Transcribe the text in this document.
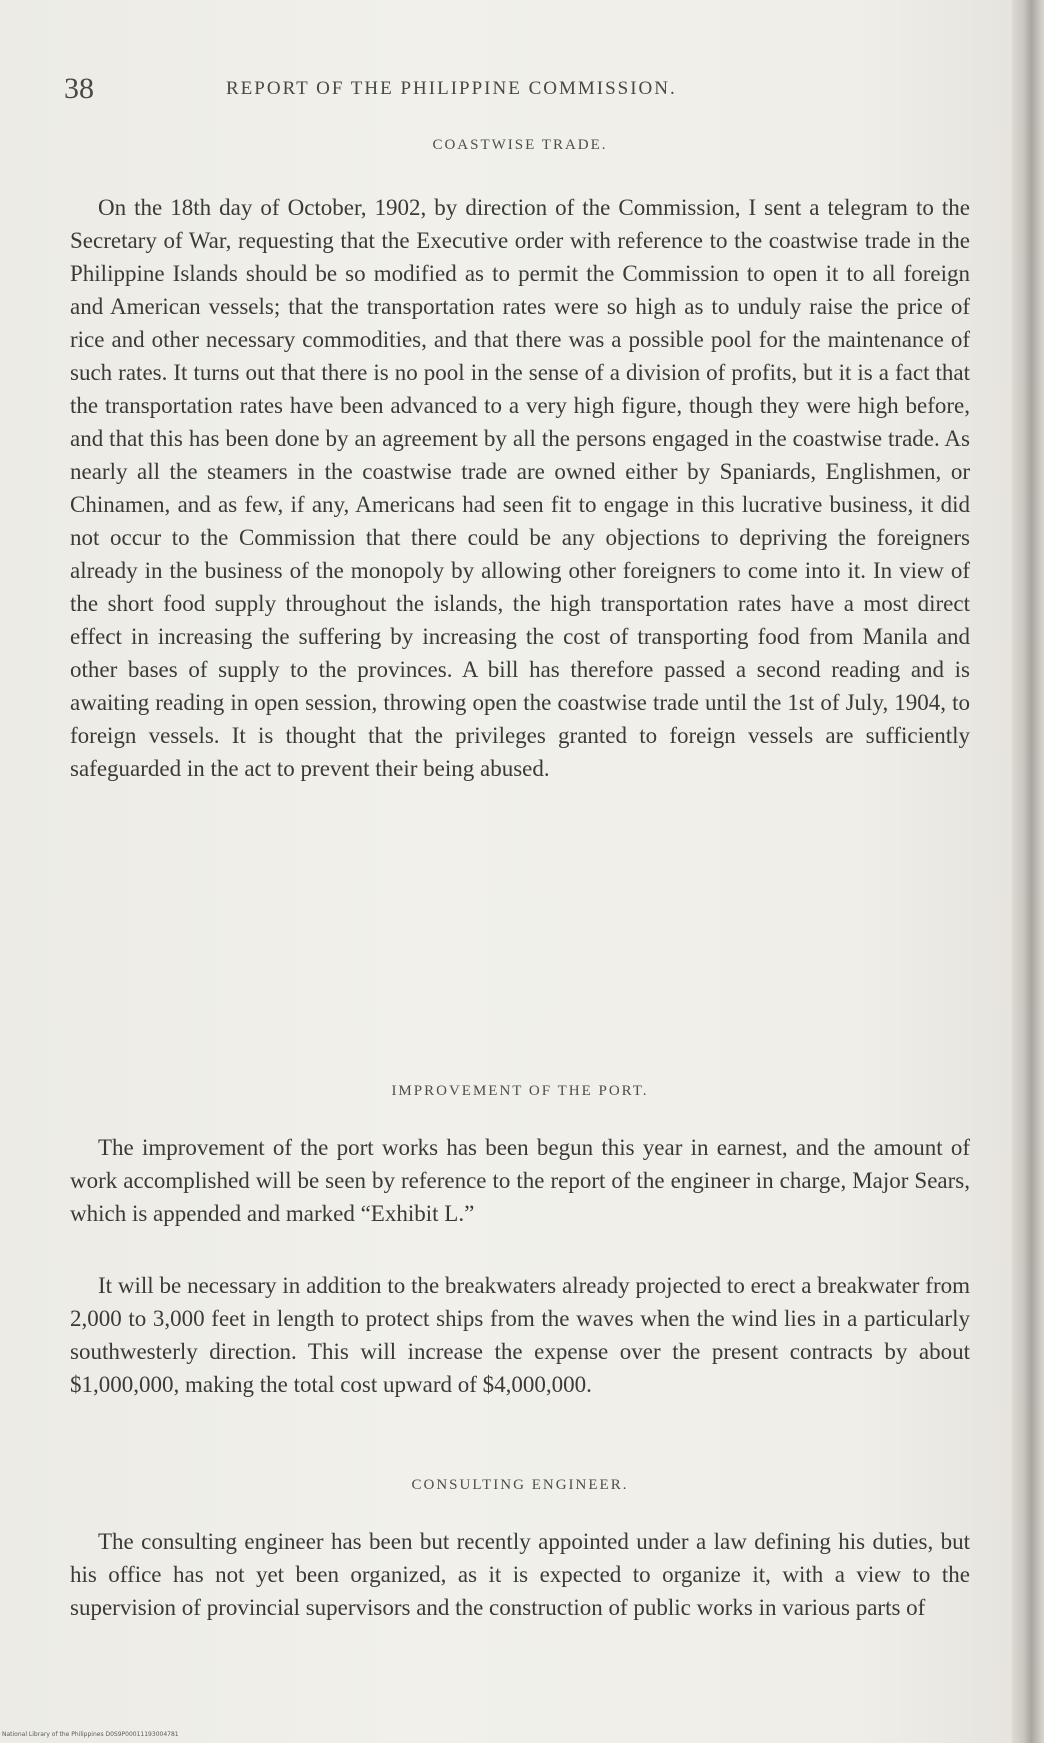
38	REPORT OF THE PHILIPPINE COMMISSION.
COASTWISE TRADE.

On the 18th day of October, 1902, by direction of the Commission, I sent a telegram to the Secretary of War, requesting that the Executive order with reference to the coastwise trade in the Philippine Islands should be so modified as to permit the Commission to open it to all foreign and American vessels; that the transportation rates were so high as to unduly raise the price of rice and other necessary commodities, and that there was a possible pool for the maintenance of such rates. It turns out that there is no pool in the sense of a division of profits, but it is a fact that the transportation rates have been advanced to a very high figure, though they were high before, and that this has been done by an agreement by all the persons engaged in the coastwise trade. As nearly all the steamers in the coastwise trade are owned either by Spaniards, Englishmen, or Chinamen, and as few, if any, Americans had seen fit to engage in this lucrative business, it did not occur to the Commission that there could be any objections to depriving the foreigners already in the business of the monopoly by allowing other foreigners to come into it. In view of the short food supply throughout the islands, the high transportation rates have a most direct effect in increasing the suffering by increasing the cost of transporting food from Manila and other bases of supply to the provinces. A bill has therefore passed a second reading and is awaiting reading in open session, throwing open the coastwise trade until the 1st of July, 1904, to foreign vessels. It is thought that the privileges granted to foreign vessels are sufficiently safeguarded in the act to prevent their being abused.

IMPROVEMENT OF THE PORT.

The improvement of the port works has been begun this year in earnest, and the amount of work accomplished will be seen by reference to the report of the engineer in charge, Major Sears, which is appended and marked “Exhibit L.”

It will be necessary in addition to the breakwaters already projected to erect a breakwater from 2,000 to 3,000 feet in length to protect ships from the waves when the wind lies in a particularly southwesterly direction. This will increase the expense over the present contracts by about $1,000,000, making the total cost upward of $4,000,000.

CONSULTING ENGINEER.

The consulting engineer has been but recently appointed under a law defining his duties, but his office has not yet been organized, as it is expected to organize it, with a view to the supervision of provincial supervisors and the construction of public works in various parts of

National Library of the Philippines D0S9P00011193004781
